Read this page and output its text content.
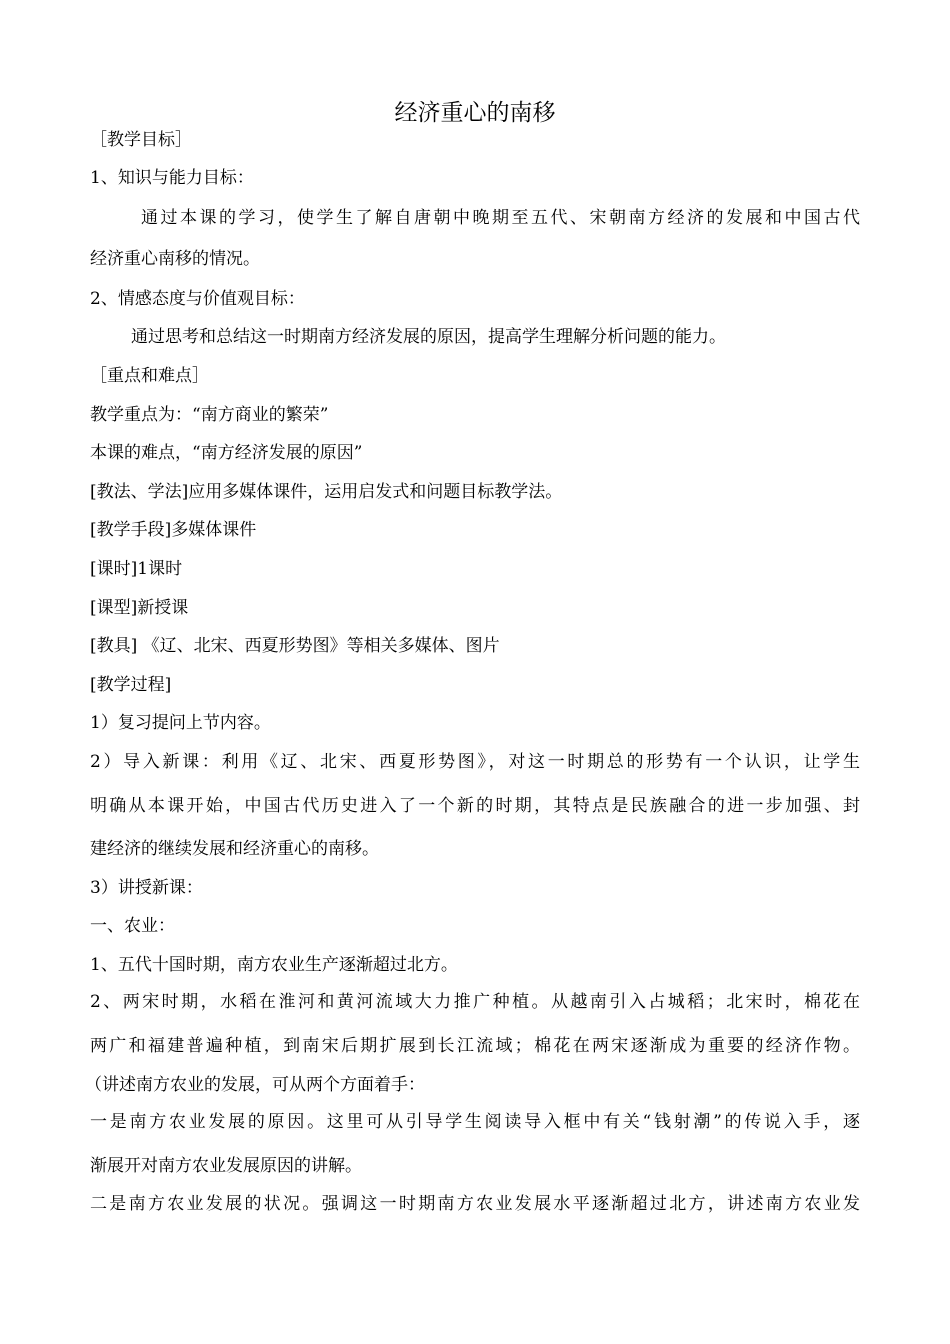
经济重心的南移
［教学目标］
1、知识与能力目标：
通过本课的学习，使学生了解自唐朝中晚期至五代、宋朝南方经济的发展和中国古代
经济重心南移的情况。
2、情感态度与价值观目标：
通过思考和总结这一时期南方经济发展的原因，提高学生理解分析问题的能力。
［重点和难点］
教学重点为：“南方商业的繁荣”
本课的难点，“南方经济发展的原因”
[教法、学法]应用多媒体课件，运用启发式和问题目标教学法。
[教学手段]多媒体课件
[课时]1课时
[课型]新授课
[教具] 《辽、北宋、西夏形势图》等相关多媒体、图片
[教学过程]
1）复习提问上节内容。
2）导入新课：利用《辽、北宋、西夏形势图》，对这一时期总的形势有一个认识，让学生
明确从本课开始，中国古代历史进入了一个新的时期，其特点是民族融合的进一步加强、封
建经济的继续发展和经济重心的南移。
3）讲授新课：
一、农业：
1、五代十国时期，南方农业生产逐渐超过北方。
2、两宋时期，水稻在淮河和黄河流域大力推广种植。从越南引入占城稻；北宋时，棉花在
两广和福建普遍种植，到南宋后期扩展到长江流域；棉花在两宋逐渐成为重要的经济作物。
（讲述南方农业的发展，可从两个方面着手：
一是南方农业发展的原因。这里可从引导学生阅读导入框中有关“钱射潮”的传说入手，逐
渐展开对南方农业发展原因的讲解。
二是南方农业发展的状况。强调这一时期南方农业发展水平逐渐超过北方，讲述南方农业发
